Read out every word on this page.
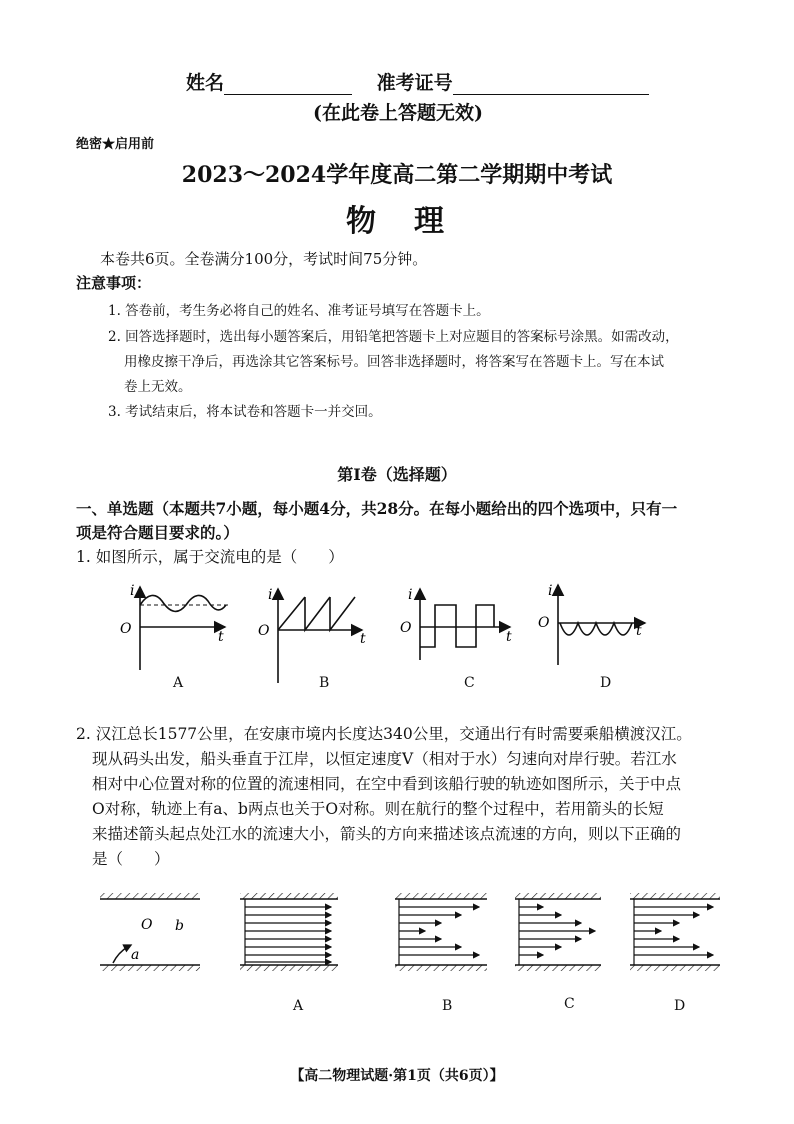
姓名	准考证号
(在此卷上答题无效)
绝密★启用前
2023～2024学年度高二第二学期期中考试
物　理
本卷共6页。全卷满分100分，考试时间75分钟。
注意事项：
1. 答卷前，考生务必将自己的姓名、准考证号填写在答题卡上。
2. 回答选择题时，选出每小题答案后，用铅笔把答题卡上对应题目的答案标号涂黑。如需改动，
用橡皮擦干净后，再选涂其它答案标号。回答非选择题时，将答案写在答题卡上。写在本试
卷上无效。
3. 考试结束后，将本试卷和答题卡一并交回。
第Ⅰ卷（选择题）
一、单选题（本题共7小题，每小题4分，共28分。在每小题给出的四个选项中，只有一
项是符合题目要求的。）
1. 如图所示，属于交流电的是（　　）
i
O	t
i
O	t
i
O
t
i
O	t
A	B	C	D
2. 汉江总长1577公里，在安康市境内长度达340公里，交通出行有时需要乘船横渡汉江。
现从码头出发，船头垂直于江岸，以恒定速度V（相对于水）匀速向对岸行驶。若江水
相对中心位置对称的位置的流速相同，在空中看到该船行驶的轨迹如图所示，关于中点
O对称，轨迹上有a、b两点也关于O对称。则在航行的整个过程中，若用箭头的长短
来描述箭头起点处江水的流速大小，箭头的方向来描述该点流速的方向，则以下正确的
是（　　）
O b
a
A	B	C	D
【高二物理试题·第1页（共6页）】
